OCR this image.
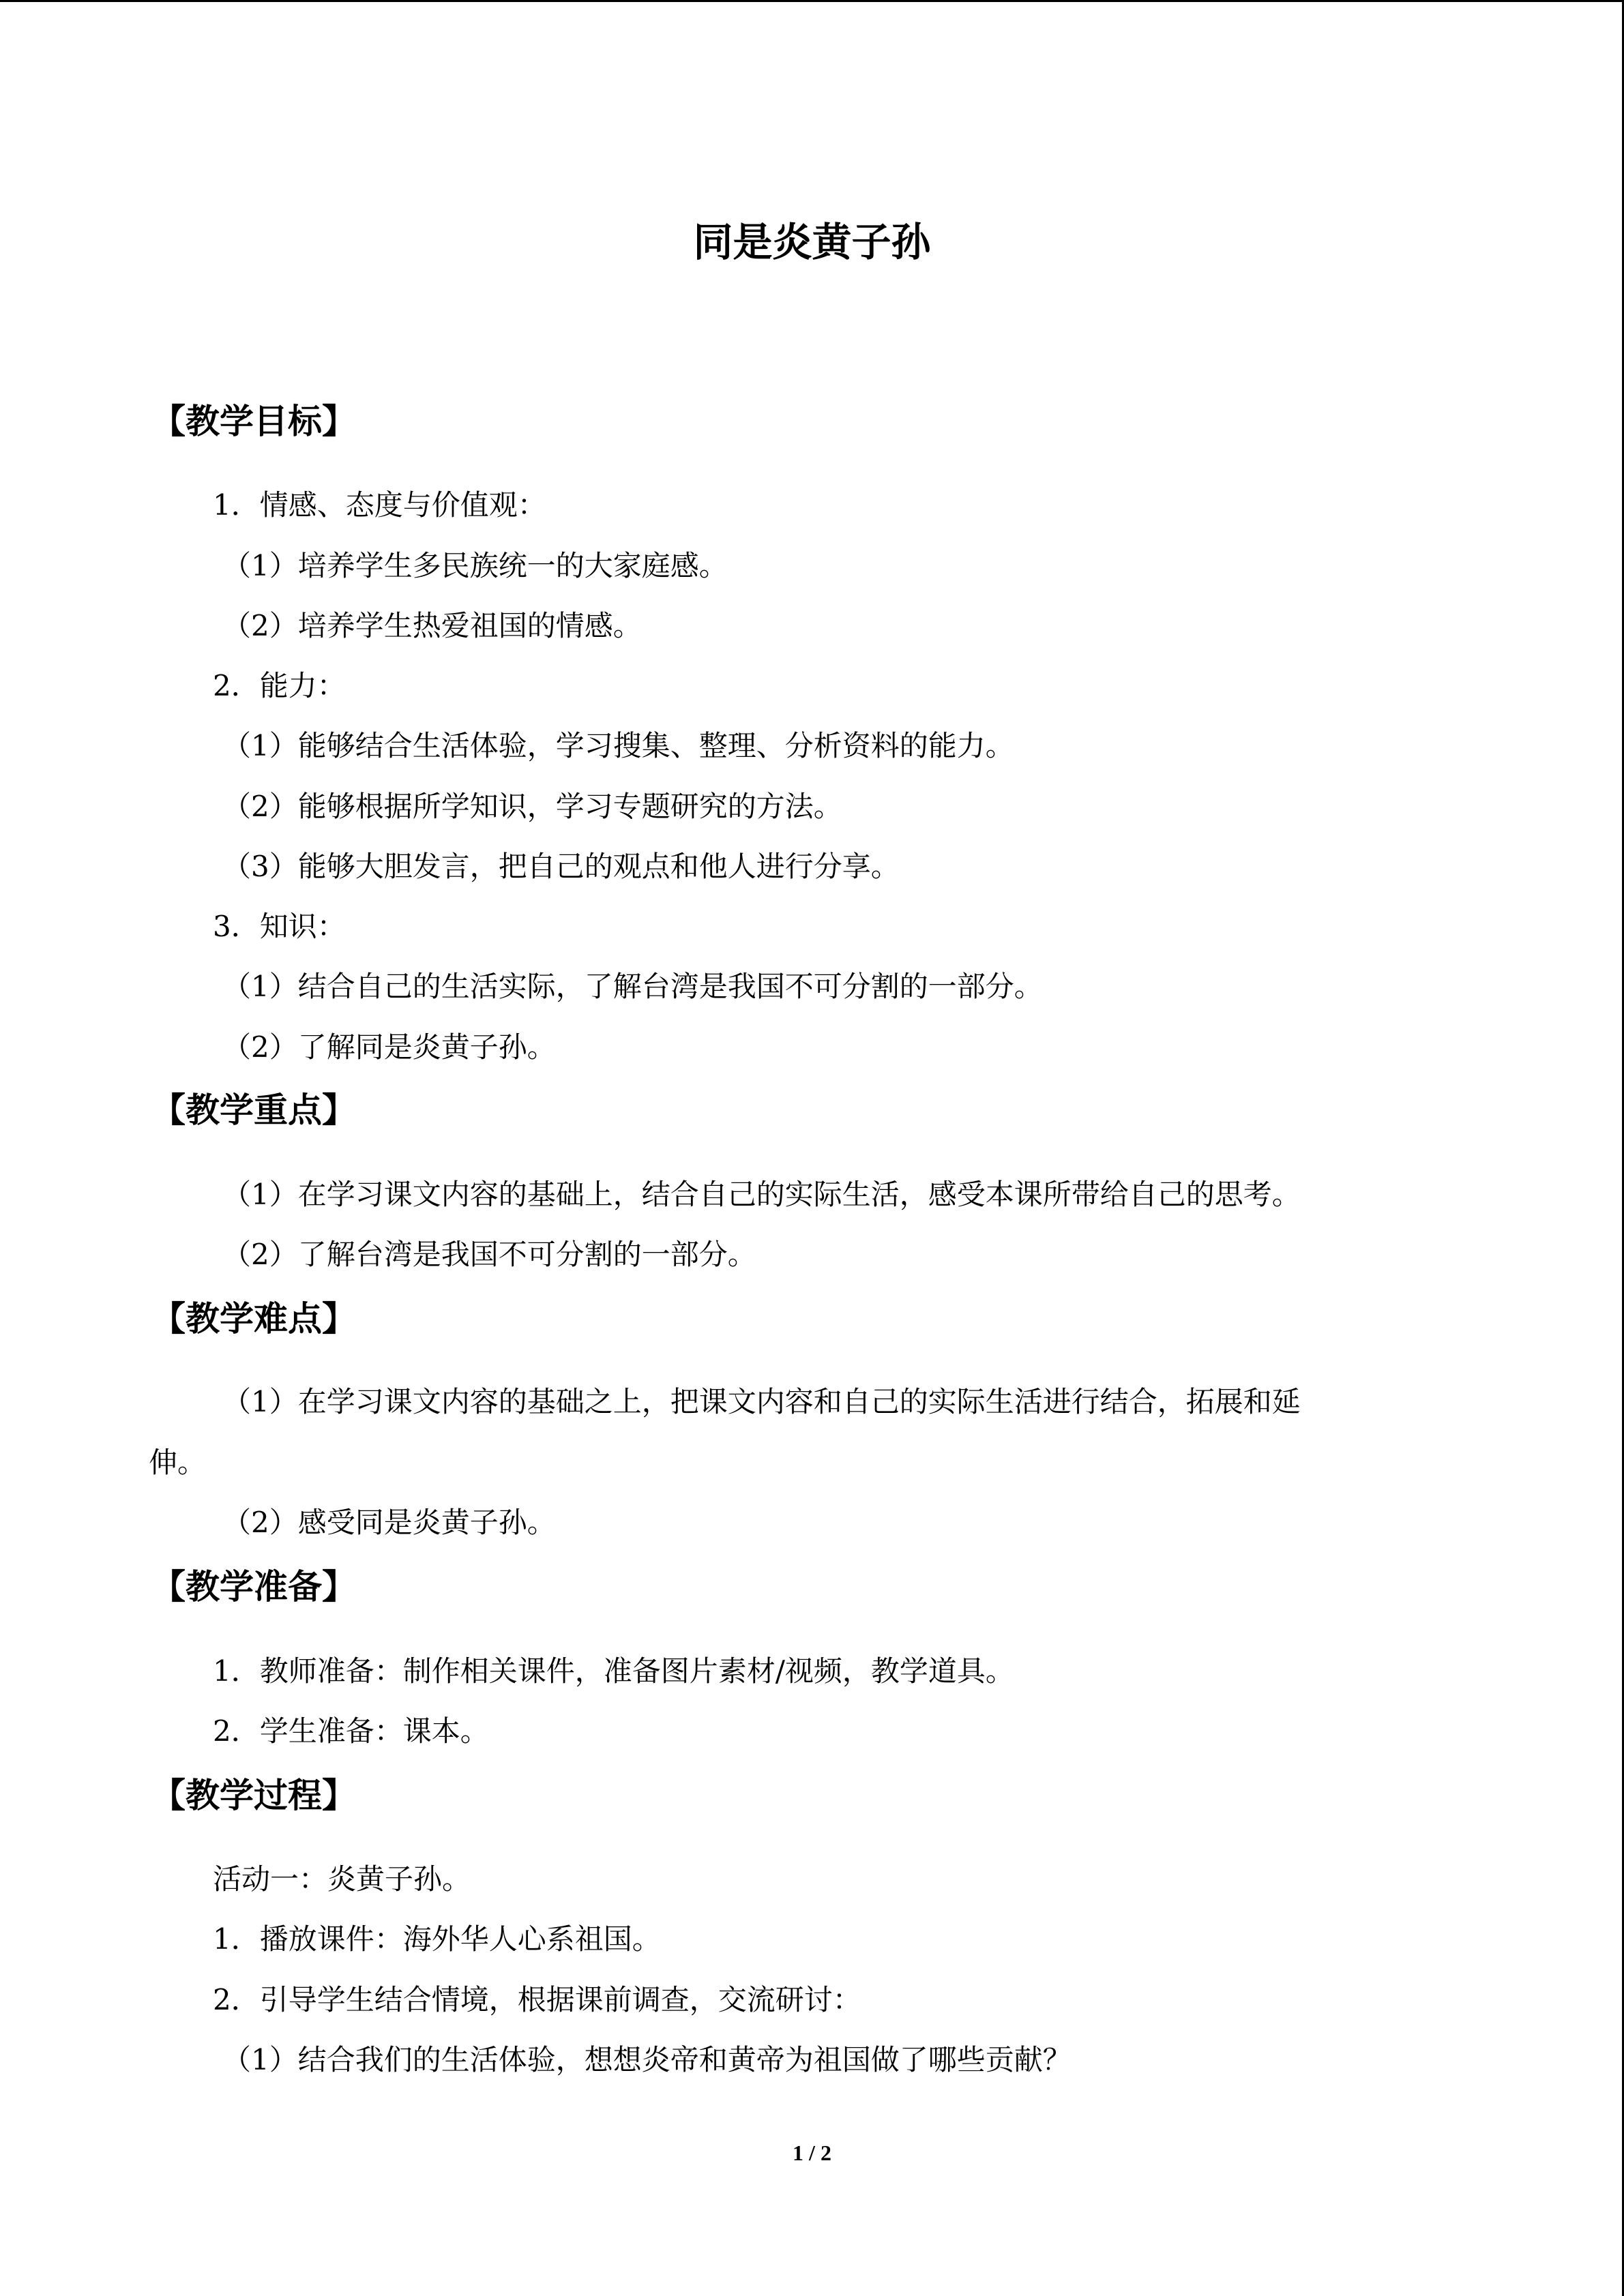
同是炎黄子孙
【教学目标】
1．情感、态度与价值观：
（1）培养学生多民族统一的大家庭感。
（2）培养学生热爱祖国的情感。
2．能力：
（1）能够结合生活体验，学习搜集、整理、分析资料的能力。
（2）能够根据所学知识，学习专题研究的方法。
（3）能够大胆发言，把自己的观点和他人进行分享。
3．知识：
（1）结合自己的生活实际，了解台湾是我国不可分割的一部分。
（2）了解同是炎黄子孙。
【教学重点】
（1）在学习课文内容的基础上，结合自己的实际生活，感受本课所带给自己的思考。
（2）了解台湾是我国不可分割的一部分。
【教学难点】
（1）在学习课文内容的基础之上，把课文内容和自己的实际生活进行结合，拓展和延
伸。
（2）感受同是炎黄子孙。
【教学准备】
1．教师准备：制作相关课件，准备图片素材/视频，教学道具。
2．学生准备：课本。
【教学过程】
活动一：炎黄子孙。
1．播放课件：海外华人心系祖国。
2．引导学生结合情境，根据课前调查，交流研讨：
（1）结合我们的生活体验，想想炎帝和黄帝为祖国做了哪些贡献？
1 / 2
